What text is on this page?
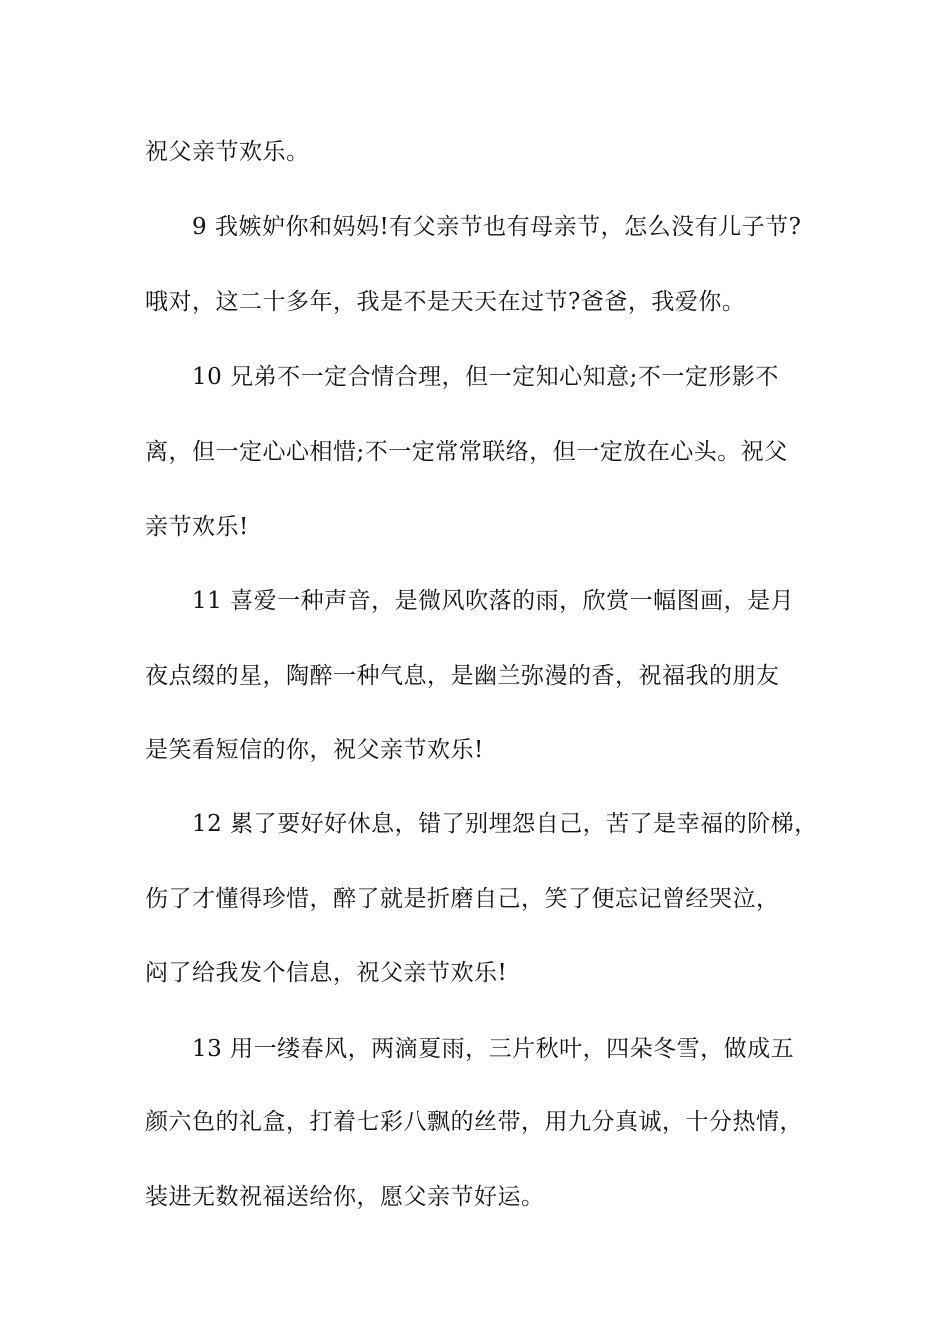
祝父亲节欢乐。
9 我嫉妒你和妈妈!有父亲节也有母亲节，怎么没有儿子节?
哦对，这二十多年，我是不是天天在过节?爸爸，我爱你。
10 兄弟不一定合情合理，但一定知心知意;不一定形影不
离，但一定心心相惜;不一定常常联络，但一定放在心头。祝父
亲节欢乐!
11 喜爱一种声音，是微风吹落的雨，欣赏一幅图画，是月
夜点缀的星，陶醉一种气息，是幽兰弥漫的香，祝福我的朋友
是笑看短信的你，祝父亲节欢乐!
12 累了要好好休息，错了别埋怨自己，苦了是幸福的阶梯，
伤了才懂得珍惜，醉了就是折磨自己，笑了便忘记曾经哭泣，
闷了给我发个信息，祝父亲节欢乐!
13 用一缕春风，两滴夏雨，三片秋叶，四朵冬雪，做成五
颜六色的礼盒，打着七彩八飘的丝带，用九分真诚，十分热情，
装进无数祝福送给你，愿父亲节好运。
